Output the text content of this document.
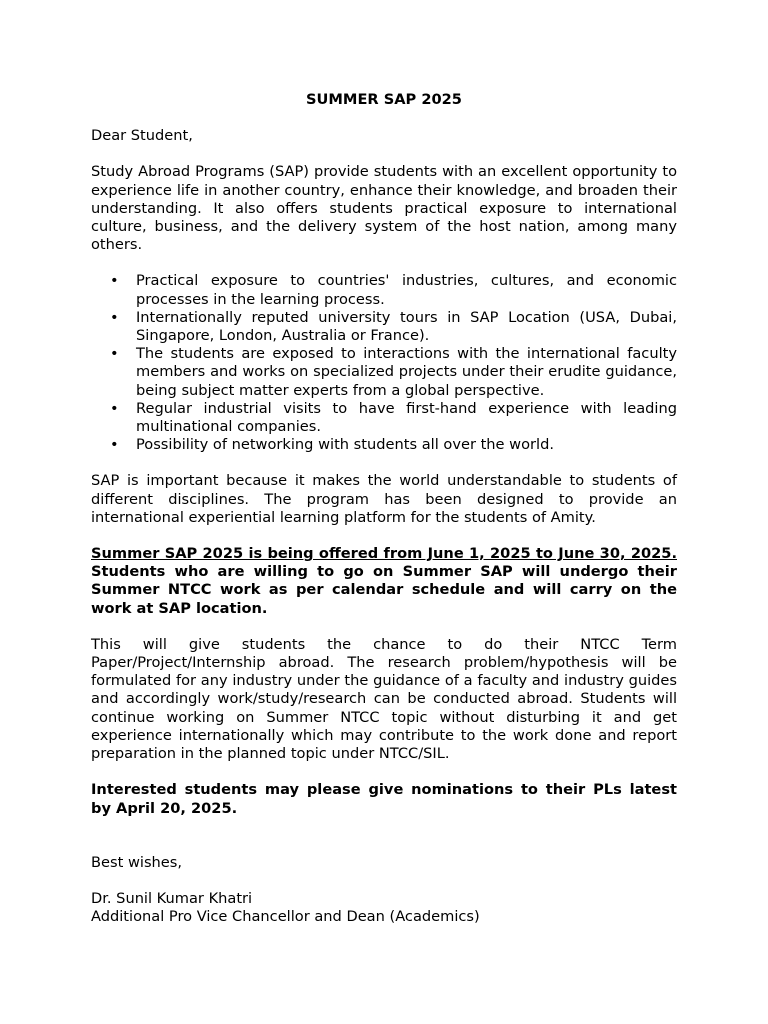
SUMMER SAP 2025

Dear Student,

Study Abroad Programs (SAP) provide students with an excellent opportunity to experience life in another country, enhance their knowledge, and broaden their understanding. It also offers students practical exposure to international culture, business, and the delivery system of the host nation, among many others.

• Practical exposure to countries' industries, cultures, and economic processes in the learning process.
• Internationally reputed university tours in SAP Location (USA, Dubai, Singapore, London, Australia or France).
• The students are exposed to interactions with the international faculty members and works on specialized projects under their erudite guidance, being subject matter experts from a global perspective.
• Regular industrial visits to have first-hand experience with leading multinational companies.
• Possibility of networking with students all over the world.

SAP is important because it makes the world understandable to students of different disciplines. The program has been designed to provide an international experiential learning platform for the students of Amity.

Summer SAP 2025 is being offered from June 1, 2025 to June 30, 2025. Students who are willing to go on Summer SAP will undergo their Summer NTCC work as per calendar schedule and will carry on the work at SAP location.

This will give students the chance to do their NTCC Term Paper/Project/Internship abroad. The research problem/hypothesis will be formulated for any industry under the guidance of a faculty and industry guides and accordingly work/study/research can be conducted abroad. Students will continue working on Summer NTCC topic without disturbing it and get experience internationally which may contribute to the work done and report preparation in the planned topic under NTCC/SIL.

Interested students may please give nominations to their PLs latest by April 20, 2025.

Best wishes,

Dr. Sunil Kumar Khatri

Additional Pro Vice Chancellor and Dean (Academics)
